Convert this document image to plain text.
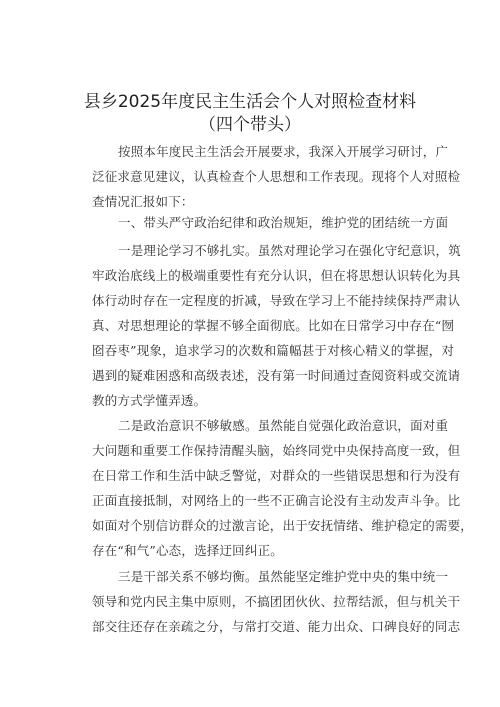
县乡2025年度民主生活会个人对照检查材料
（四个带头）
按照本年度民主生活会开展要求，我深入开展学习研讨，广
泛征求意见建议，认真检查个人思想和工作表现。现将个人对照检
查情况汇报如下：
一、带头严守政治纪律和政治规矩，维护党的团结统一方面
一是理论学习不够扎实。虽然对理论学习在强化守纪意识，筑
牢政治底线上的极端重要性有充分认识，但在将思想认识转化为具
体行动时存在一定程度的折减，导致在学习上不能持续保持严肃认
真、对思想理论的掌握不够全面彻底。比如在日常学习中存在“囫
囵吞枣”现象，追求学习的次数和篇幅甚于对核心精义的掌握，对
遇到的疑难困惑和高级表述，没有第一时间通过查阅资料或交流请
教的方式学懂弄透。
二是政治意识不够敏感。虽然能自觉强化政治意识，面对重
大问题和重要工作保持清醒头脑，始终同党中央保持高度一致，但
在日常工作和生活中缺乏警觉，对群众的一些错误思想和行为没有
正面直接抵制，对网络上的一些不正确言论没有主动发声斗争。比
如面对个别信访群众的过激言论，出于安抚情绪、维护稳定的需要，
存在“和气”心态，选择迂回纠正。
三是干部关系不够均衡。虽然能坚定维护党中央的集中统一
领导和党内民主集中原则，不搞团团伙伙、拉帮结派，但与机关干
部交往还存在亲疏之分，与常打交道、能力出众、口碑良好的同志
